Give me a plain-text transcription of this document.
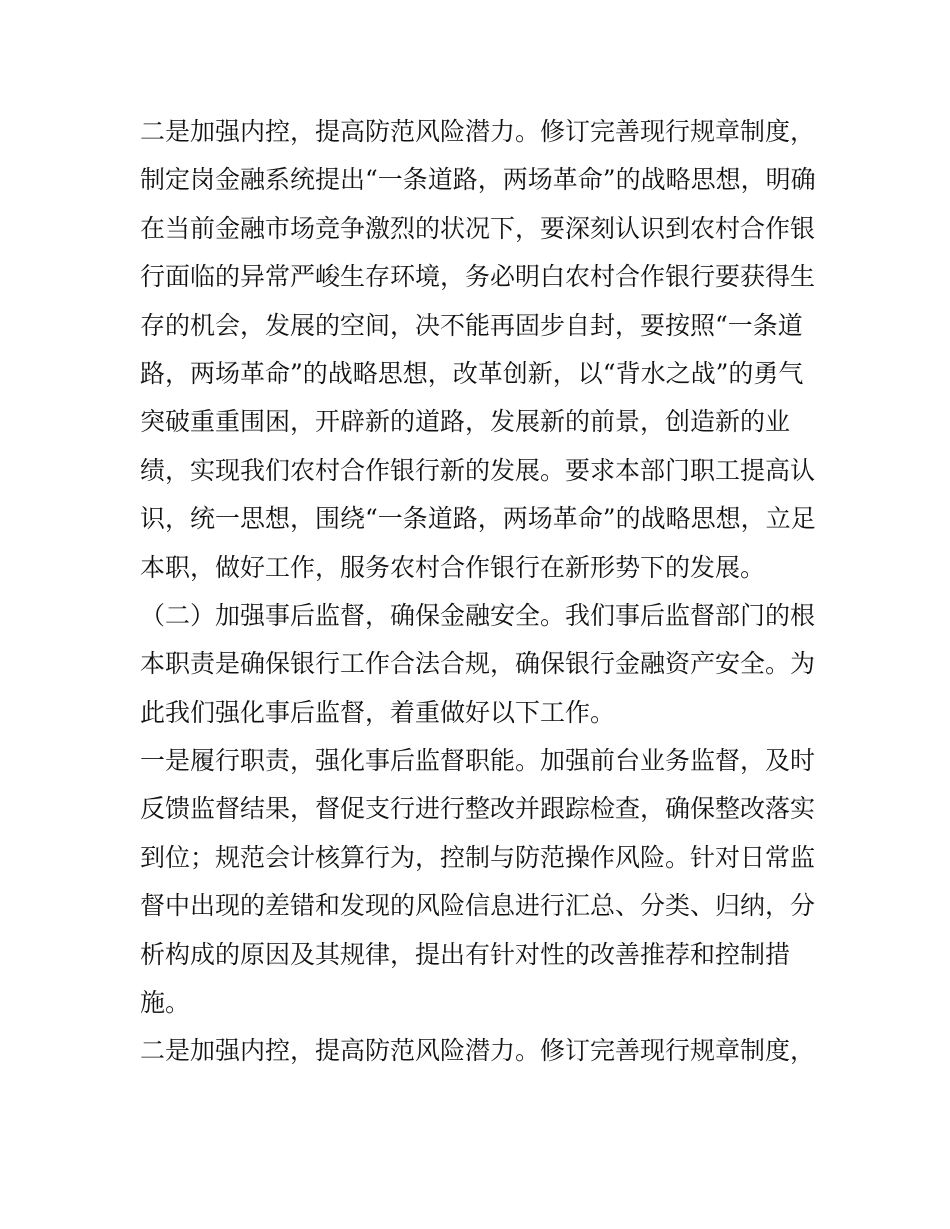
二是加强内控，提高防范风险潜力。修订完善现行规章制度，
制定岗金融系统提出“一条道路，两场革命”的战略思想，明确
在当前金融市场竞争激烈的状况下，要深刻认识到农村合作银
行面临的异常严峻生存环境，务必明白农村合作银行要获得生
存的机会，发展的空间，决不能再固步自封，要按照“一条道
路，两场革命”的战略思想，改革创新，以“背水之战”的勇气
突破重重围困，开辟新的道路，发展新的前景，创造新的业
绩，实现我们农村合作银行新的发展。要求本部门职工提高认
识，统一思想，围绕“一条道路，两场革命”的战略思想，立足
本职，做好工作，服务农村合作银行在新形势下的发展。
（二）加强事后监督，确保金融安全。我们事后监督部门的根
本职责是确保银行工作合法合规，确保银行金融资产安全。为
此我们强化事后监督，着重做好以下工作。
一是履行职责，强化事后监督职能。加强前台业务监督，及时
反馈监督结果，督促支行进行整改并跟踪检查，确保整改落实
到位；规范会计核算行为，控制与防范操作风险。针对日常监
督中出现的差错和发现的风险信息进行汇总、分类、归纳，分
析构成的原因及其规律，提出有针对性的改善推荐和控制措
施。
二是加强内控，提高防范风险潜力。修订完善现行规章制度，
